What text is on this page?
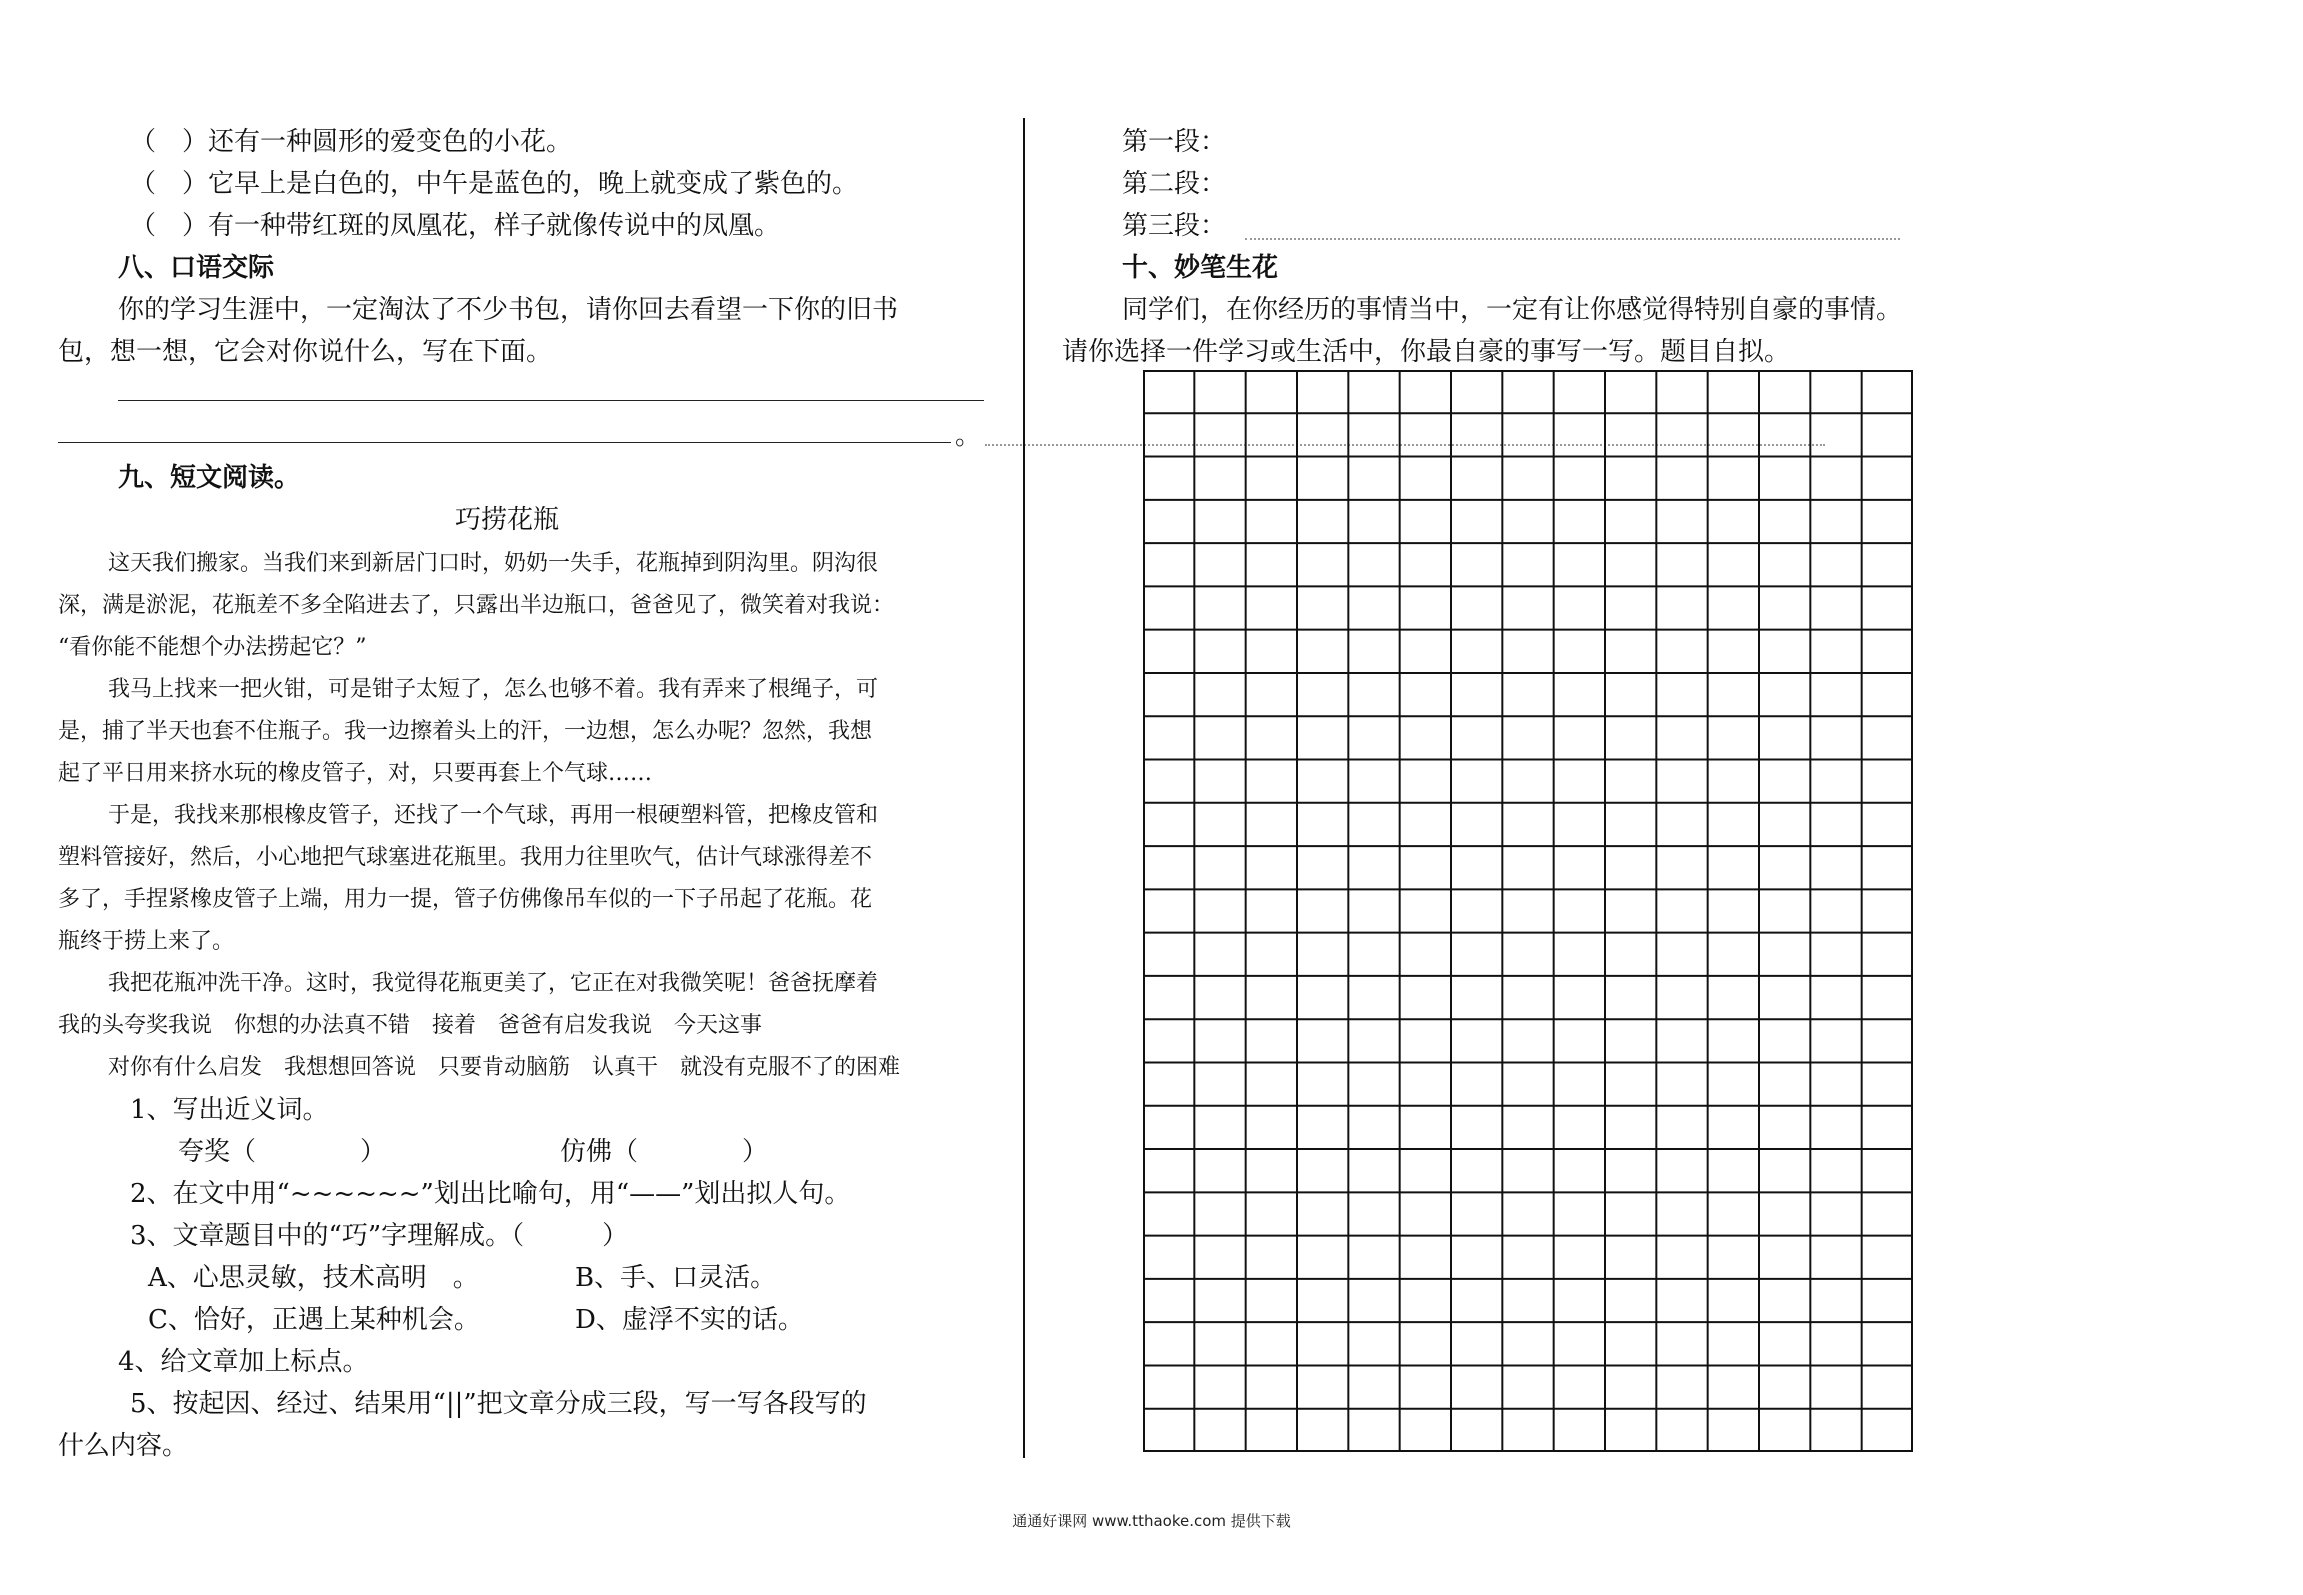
（　）还有一种圆形的爱变色的小花。
（　）它早上是白色的，中午是蓝色的，晚上就变成了紫色的。
（　）有一种带红斑的凤凰花，样子就像传说中的凤凰。
八、口语交际
你的学习生涯中，一定淘汰了不少书包，请你回去看望一下你的旧书
包，想一想，它会对你说什么，写在下面。
。
九、短文阅读。
巧捞花瓶
这天我们搬家。当我们来到新居门口时，奶奶一失手，花瓶掉到阴沟里。阴沟很
深，满是淤泥，花瓶差不多全陷进去了，只露出半边瓶口，爸爸见了，微笑着对我说：
“看你能不能想个办法捞起它？”
我马上找来一把火钳，可是钳子太短了，怎么也够不着。我有弄来了根绳子，可
是，捕了半天也套不住瓶子。我一边擦着头上的汗，一边想，怎么办呢？忽然，我想
起了平日用来挤水玩的橡皮管子，对，只要再套上个气球……
于是，我找来那根橡皮管子，还找了一个气球，再用一根硬塑料管，把橡皮管和
塑料管接好，然后，小心地把气球塞进花瓶里。我用力往里吹气，估计气球涨得差不
多了，手捏紧橡皮管子上端，用力一提，管子仿佛像吊车似的一下子吊起了花瓶。花
瓶终于捞上来了。
我把花瓶冲洗干净。这时，我觉得花瓶更美了，它正在对我微笑呢！爸爸抚摩着
我的头夸奖我说　你想的办法真不错　接着　爸爸有启发我说　今天这事
对你有什么启发　我想想回答说　只要肯动脑筋　认真干　就没有克服不了的困难
1、写出近义词。
夸奖（　　　　）	仿佛（　　　　）
2、在文中用“~~~~~~”划出比喻句，用“——”划出拟人句。
3、文章题目中的“巧”字理解成。（　　　）
A、心思灵敏，技术高明　。	B、手、口灵活。
C、恰好，正遇上某种机会。	D、虚浮不实的话。
4、给文章加上标点。
5、按起因、经过、结果用“||”把文章分成三段，写一写各段写的
什么内容。
第一段：
第二段：
第三段：
十、妙笔生花
同学们，在你经历的事情当中，一定有让你感觉得特别自豪的事情。
请你选择一件学习或生活中，你最自豪的事写一写。题目自拟。
通通好课网 www.tthaoke.com 提供下载
